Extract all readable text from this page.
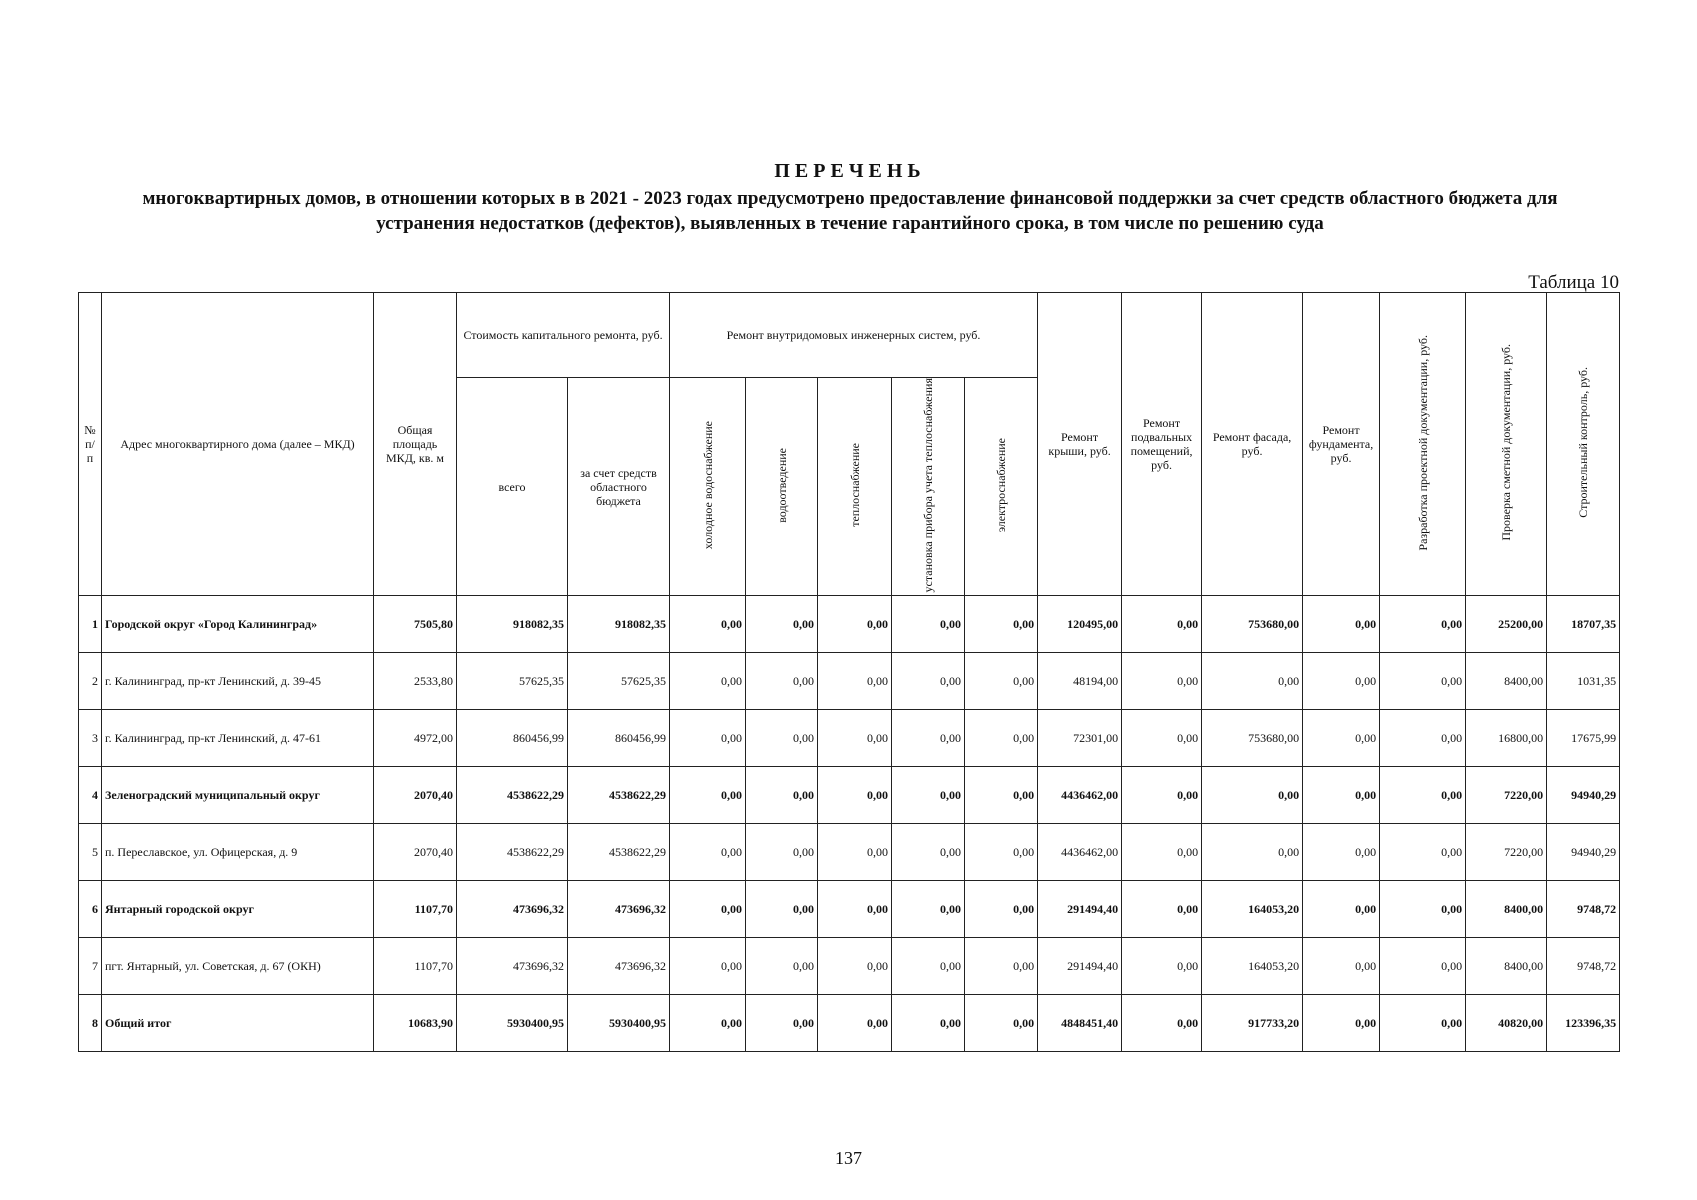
ПЕРЕЧЕНЬ
многоквартирных домов, в отношении которых в в 2021 - 2023 годах предусмотрено предоставление финансовой поддержки за счет средств областного бюджета для устранения недостатков (дефектов), выявленных в течение гарантийного срока, в том числе по решению суда
Таблица 10
№ п/п	Адрес многоквартирного дома (далее – МКД)	Общая площадь МКД, кв. м	Стоимость капитального ремонта, руб.		Ремонт внутридомовых инженерных систем, руб.					Ремонт крыши, руб.	Ремонт подвальных помещений, руб.	Ремонт фасада, руб.	Ремонт фундамента, руб.	Разработка проектной документации, руб.	Проверка сметной документации, руб.	Строительный контроль, руб.
			всего	за счет средств областного бюджета	холодное водоснабжение	водоотведение	теплоснабжение	установка прибора учета теплоснабжения	электроснабжение							
1	Городской округ «Город Калининград»	7505,80	918082,35	918082,35	0,00	0,00	0,00	0,00	0,00	120495,00	0,00	753680,00	0,00	0,00	25200,00	18707,35
2	г. Калининград, пр-кт Ленинский, д. 39-45	2533,80	57625,35	57625,35	0,00	0,00	0,00	0,00	0,00	48194,00	0,00	0,00	0,00	0,00	8400,00	1031,35
3	г. Калининград, пр-кт Ленинский, д. 47-61	4972,00	860456,99	860456,99	0,00	0,00	0,00	0,00	0,00	72301,00	0,00	753680,00	0,00	0,00	16800,00	17675,99
4	Зеленоградский муниципальный округ	2070,40	4538622,29	4538622,29	0,00	0,00	0,00	0,00	0,00	4436462,00	0,00	0,00	0,00	0,00	7220,00	94940,29
5	п. Переславское, ул. Офицерская, д. 9	2070,40	4538622,29	4538622,29	0,00	0,00	0,00	0,00	0,00	4436462,00	0,00	0,00	0,00	0,00	7220,00	94940,29
6	Янтарный городской округ	1107,70	473696,32	473696,32	0,00	0,00	0,00	0,00	0,00	291494,40	0,00	164053,20	0,00	0,00	8400,00	9748,72
7	пгт. Янтарный, ул. Советская, д. 67 (ОКН)	1107,70	473696,32	473696,32	0,00	0,00	0,00	0,00	0,00	291494,40	0,00	164053,20	0,00	0,00	8400,00	9748,72
8	Общий итог	10683,90	5930400,95	5930400,95	0,00	0,00	0,00	0,00	0,00	4848451,40	0,00	917733,20	0,00	0,00	40820,00	123396,35
137
